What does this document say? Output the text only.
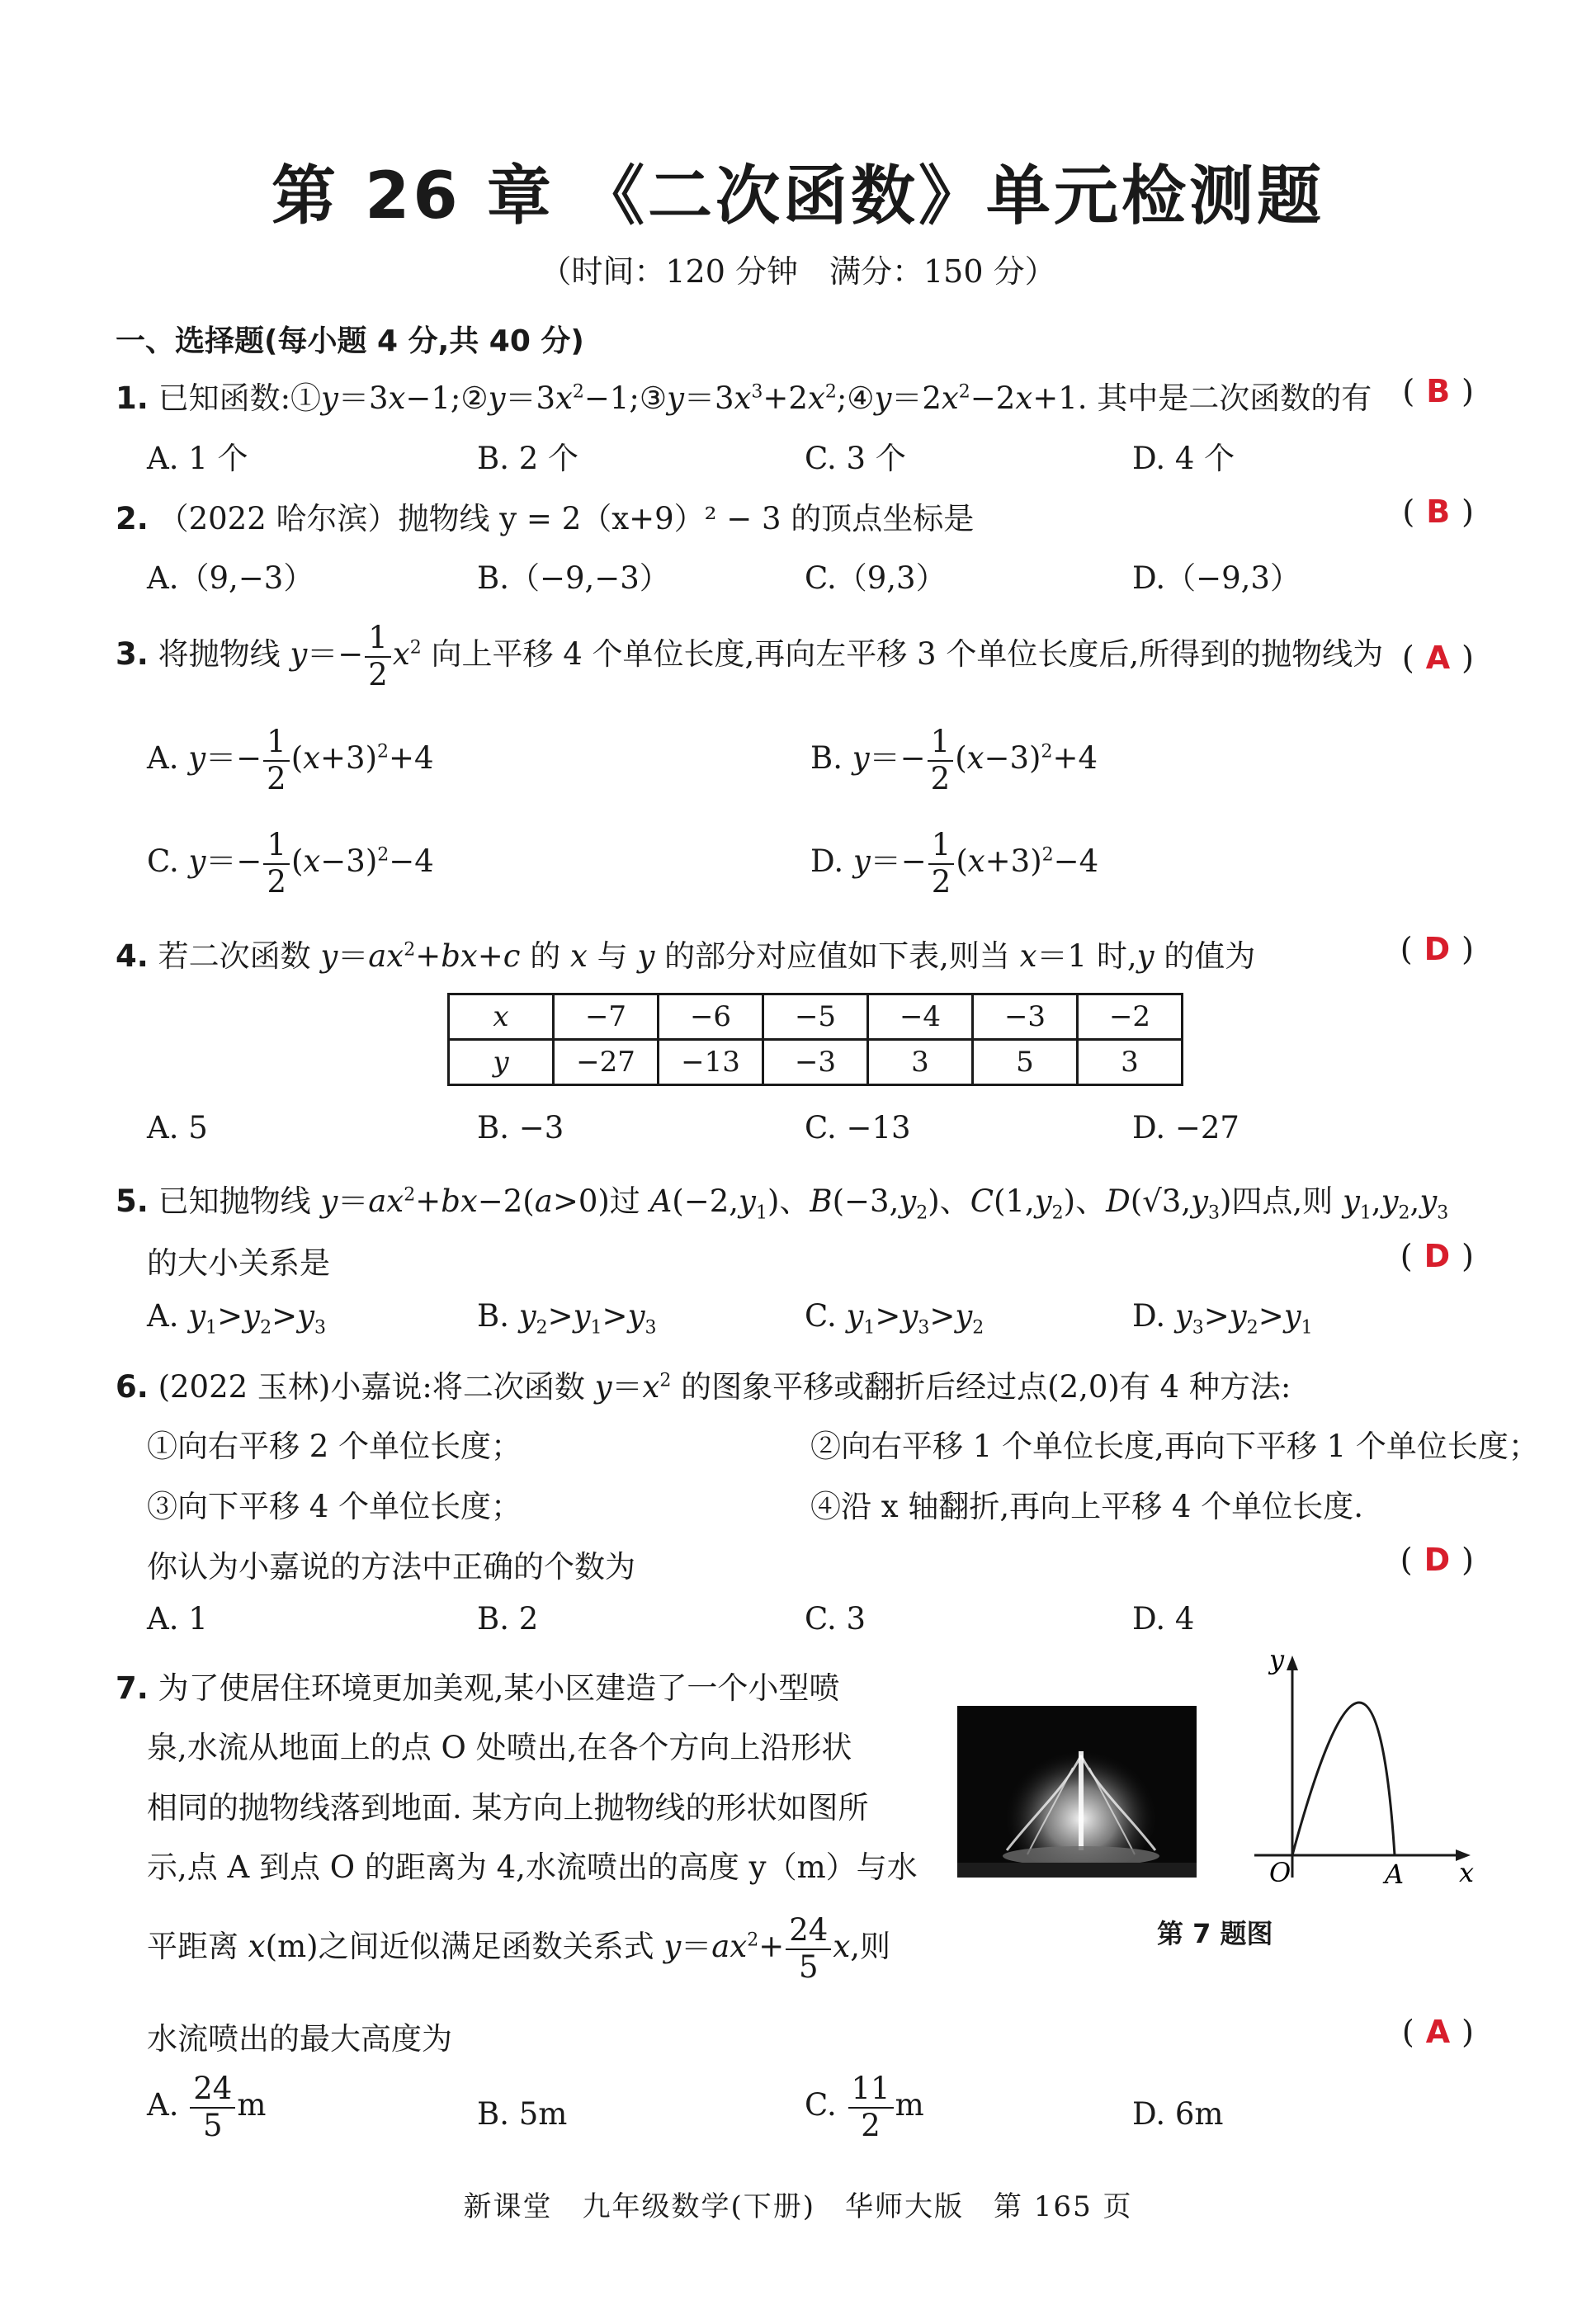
第 26 章 《二次函数》单元检测题
（时间：120 分钟　满分：150 分）
一、选择题(每小题 4 分,共 40 分)
1. 已知函数$:①y=3x-1;②y=3x^2-1;③y=3x^3+2x^2;④y=2x^2-2x+1$. 其中是二次函数的有 ( B )
A. 1 个	B. 2 个	C. 3 个	D. 4 个
2. （2022 哈尔滨）抛物线 y = 2（x+9）² − 3 的顶点坐标是	( B )
A.（9,−3）	B.（−9,−3）	C.（9,3）	D.（−9,3）
3. 将抛物线 $y=- \frac{1}{2} x^2$ 向上平移 4 个单位长度,再向左平移 3 个单位长度后,所得到的抛物线为 ( A )
A. $y=- \frac{1}{2} (x+3)^2+4$	B. $y=- \frac{1}{2} (x-3)^2+4$
C. $y=- \frac{1}{2} (x-3)^2-4$	D. $y=- \frac{1}{2} (x+3)^2-4$
4. 若二次函数 $y=ax^2+bx+c$ 的 x 与 y 的部分对应值如下表,则当 x＝1 时,y 的值为	( D )
x	−7	−6	−5	−4	−3	−2
y	−27	−13	−3	3	5	3
A. 5	B. −3	C. −13	D. −27
5. 已知抛物线 $y=ax^2+bx-2(a>0)$过 $A(-2,y_1)$、$B(-3,y_2)$、$C(1,y_2)$、$D(√3,y_3)$四点,则 $y_1,y_2,y_3$
的大小关系是	( D )
A. $y_1>y_2>y_3$	B. $y_2>y_1>y_3$	C. $y_1>y_3>y_2$	D. $y_3>y_2>y_1$
6. (2022 玉林)小嘉说:将二次函数 $y=x^2$ 的图象平移或翻折后经过点(2,0)有 4 种方法:
①向右平移 2 个单位长度；	②向右平移 1 个单位长度,再向下平移 1 个单位长度；
③向下平移 4 个单位长度；	④沿 x 轴翻折,再向上平移 4 个单位长度.
你认为小嘉说的方法中正确的个数为	( D )
A. 1	B. 2	C. 3	D. 4
7. 为了使居住环境更加美观,某小区建造了一个小型喷
泉,水流从地面上的点 O 处喷出,在各个方向上沿形状
相同的抛物线落到地面. 某方向上抛物线的形状如图所
示,点 A 到点 O 的距离为 4,水流喷出的高度 y（m）与水
平距离 x(m)之间近似满足函数关系式 $y=ax^2+ \frac{24}{5} x$,则
水流喷出的最大高度为	( A )
A. $\frac{24}{5}$ m	B. 5m	C. $\frac{11}{2}$ m	D. 6m
y
O	A x
第 7 题图
新课堂　九年级数学(下册)　华师大版　第 165 页
